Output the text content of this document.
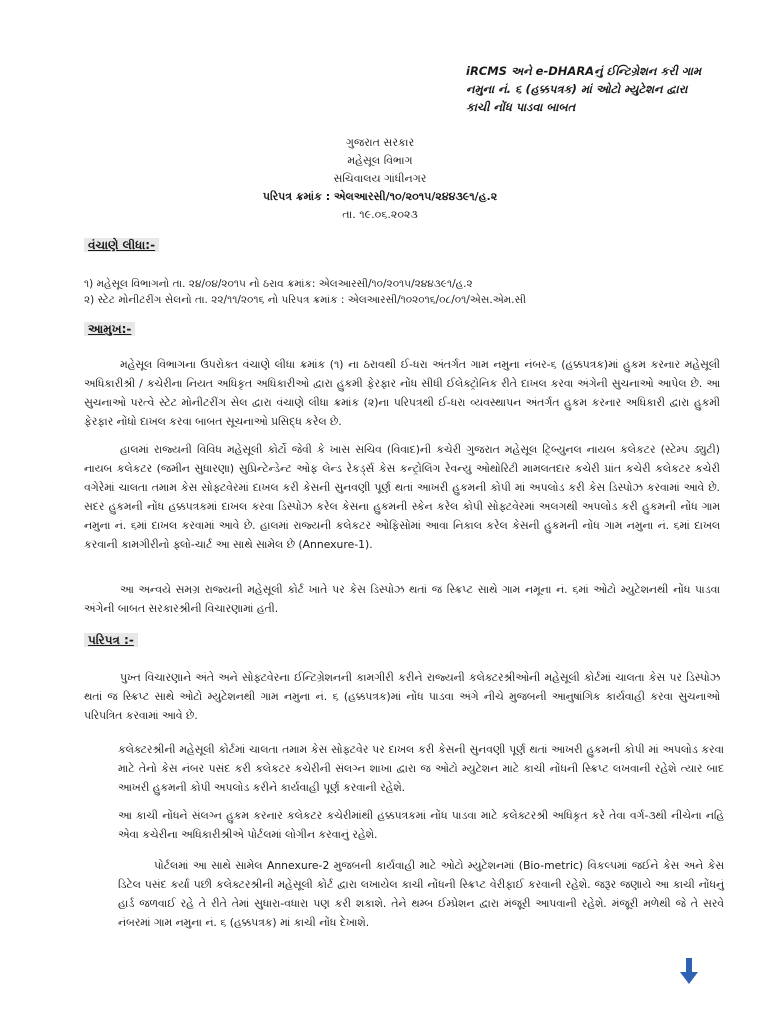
iRCMS અને e-DHARAનું ઈન્ટિગ્રેશન કરી ગામ

નમુના નં. ૬ (હક્કપત્રક) માં ઓટો મ્યુટેશન દ્વારા

કાચી નોંધ પાડવા બાબત

ગુજરાત સરકાર

મહેસૂલ વિભાગ

સચિવાલય ગાંધીનગર

પરિપત્ર ક્રમાંક : એલઆરસી/૧૦/૨૦૧૫/૨૪૪૩૯૧/હ.૨

તા. ૧૯.૦૬.૨૦૨૩

વંચાણે લીધા:-

૧) મહેસૂલ વિભાગનો તા. ૨૪/૦૪/૨૦૧૫ નો ઠરાવ ક્રમાંક: એલઆરસી/૧૦/૨૦૧૫/૨૪૪૩૯૧/હ.૨

૨) સ્ટેટ મોનીટરીંગ સેલનો તા. ૨૨/૧૧/૨૦૧૬ નો પરિપત્ર ક્રમાંક : એલઆરસી/૧૦૨૦૧૬/૦૮/૦૧/એસ.એમ.સી

આમુખ:-

મહેસૂલ વિભાગના ઉપરોક્ત વંચાણે લીધા ક્રમાંક (૧) ના ઠરાવથી ઈ-ધરા અંતર્ગત ગામ નમુના નંબર-૬ (હક્કપત્રક)માં હુકમ કરનાર મહેસૂલી અધિકારીશ્રી / કચેરીના નિયત અધિકૃત અધિકારીઓ દ્વારા હુકમી ફેરફાર નોંધ સીધી ઈલેક્ટ્રોનિક રીતે દાખલ કરવા અંગેની સુચનાઓ આપેલ છે. આ સુચનાઓ પરત્વે સ્ટેટ મોનીટરીંગ સેલ દ્વારા વંચાણે લીધા ક્રમાંક (૨)ના પરિપત્રથી ઈ-ધરા વ્યવસ્થાપન અંતર્ગત હુકમ કરનાર અધિકારી દ્વારા હુકમી ફેરફાર નોંધો દાખલ કરવા બાબત સૂચનાઓ પ્રસિદ્ધ કરેલ છે.

હાલમાં રાજ્યની વિવિધ મહેસૂલી કોર્ટો જેવી કે ખાસ સચિવ (વિવાદ)ની કચેરી ગુજરાત મહેસૂલ ટ્રિબ્યુનલ નાયબ કલેકટર (સ્ટેમ્પ ડ્યુટી) નાયબ કલેકટર (જમીન સુધારણા) સુપ્રિન્ટેન્ડેન્ટ ઓફ લેન્ડ રેકર્ડ્સ કેસ કન્ટ્રોલિંગ રેવન્યુ ઓથોરિટી મામલતદાર કચેરી પ્રાંત કચેરી કલેકટર કચેરી વગેરેમાં ચાલતા તમામ કેસ સોફ્ટવેરમાં દાખલ કરી કેસની સુનવણી પૂર્ણ થતાં આખરી હુકમની કોપી માં અપલોડ કરી કેસ ડિસ્પોઝ કરવામાં આવે છે. સદર હુકમની નોંધ હક્કપત્રકમાં દાખલ કરવા ડિસ્પોઝ કરેલ કેસના હુકમની સ્કેન કરેલ કોપી સોફ્ટવેરમાં અલગથી અપલોડ કરી હુકમની નોંધ ગામ નમુના નં. ૬માં દાખલ કરવામાં આવે છે. હાલમાં રાજ્યની કલેકટર ઓફિસોમાં આવા નિકાલ કરેલ કેસની હુકમની નોંધ ગામ નમુના નં. ૬માં દાખલ કરવાની કામગીરીનો ફ્લો-ચાર્ટ આ સાથે સામેલ છે (Annexure-1).

આ અન્વયે સમગ્ર રાજ્યની મહેસૂલી કોર્ટ ખાતે પર કેસ ડિસ્પોઝ થતાં જ સ્ક્રિપ્ટ સાથે ગામ નમૂના નં. ૬માં ઓટો મ્યુટેશનથી નોંધ પાડવા અંગેની બાબત સરકારશ્રીની વિચારણામાં હતી.

પરિપત્ર :-

પુખ્ત વિચારણાને અંતે અને સોફ્ટવેરના ઈન્ટિગ્રેશનની કામગીરી કરીને રાજ્યની કલેક્ટરશ્રીઓની મહેસૂલી કોર્ટમાં ચાલતા કેસ પર ડિસ્પોઝ થતાં જ સ્ક્રિપ્ટ સાથે ઓટો મ્યુટેશનથી ગામ નમુના નં. ૬ (હક્કપત્રક)માં નોંધ પાડવા અંગે નીચે મુજબની આનુષાંગિક કાર્યવાહી કરવા સુચનાઓ પરિપત્રિત કરવામાં આવે છે.

કલેક્ટરશ્રીની મહેસૂલી કોર્ટમાં ચાલતા તમામ કેસ સોફ્ટવેર પર દાખલ કરી કેસની સુનવણી પૂર્ણ થતાં આખરી હુકમની કોપી માં અપલોડ કરવા માટે તેનો કેસ નંબર પસંદ કરી કલેકટર કચેરીની સંલગ્ન શાખા દ્વારા જ ઓટો મ્યુટેશન માટે કાચી નોંધની સ્ક્રિપ્ટ લખવાની રહેશે ત્યાર બાદ આખરી હુકમની કોપી અપલોડ કરીને કાર્યવાહી પૂર્ણ કરવાની રહેશે.

આ કાચી નોંધને સંલગ્ન હુકમ કરનાર કલેકટર કચેરીમાંથી હક્કપત્રકમાં નોંધ પાડવા માટે કલેક્ટરશ્રી અધિકૃત કરે તેવા વર્ગ-૩થી નીચેના નહિ એવા કચેરીના અધિકારીશ્રીએ પોર્ટલમાં લોગીન કરવાનું રહેશે.

પોર્ટલમાં આ સાથે સામેલ Annexure-2 મુજબની કાર્યવાહી માટે ઓટો મ્યુટેશનમાં (Bio-metric) વિકલ્પમાં જઈને કેસ અને કેસ ડિટેલ પસંદ કર્યા પછી કલેક્ટરશ્રીની મહેસૂલી કોર્ટ દ્વારા લખાયેલ કાચી નોંધની સ્ક્રિપ્ટ વેરીફાઈ કરવાની રહેશે. જરૂર જણાયે આ કાચી નોંધનું હાર્ડ જળવાઈ રહે તે રીતે તેમાં સુધારા-વધારા પણ કરી શકાશે. તેને થમ્બ ઈમ્પ્રેશન દ્વારા મંજૂરી આપવાની રહેશે. મંજૂરી મળેથી જે તે સરવે નંબરમાં ગામ નમુના નં. ૬ (હક્કપત્રક) માં કાચી નોંધ દેખાશે.
